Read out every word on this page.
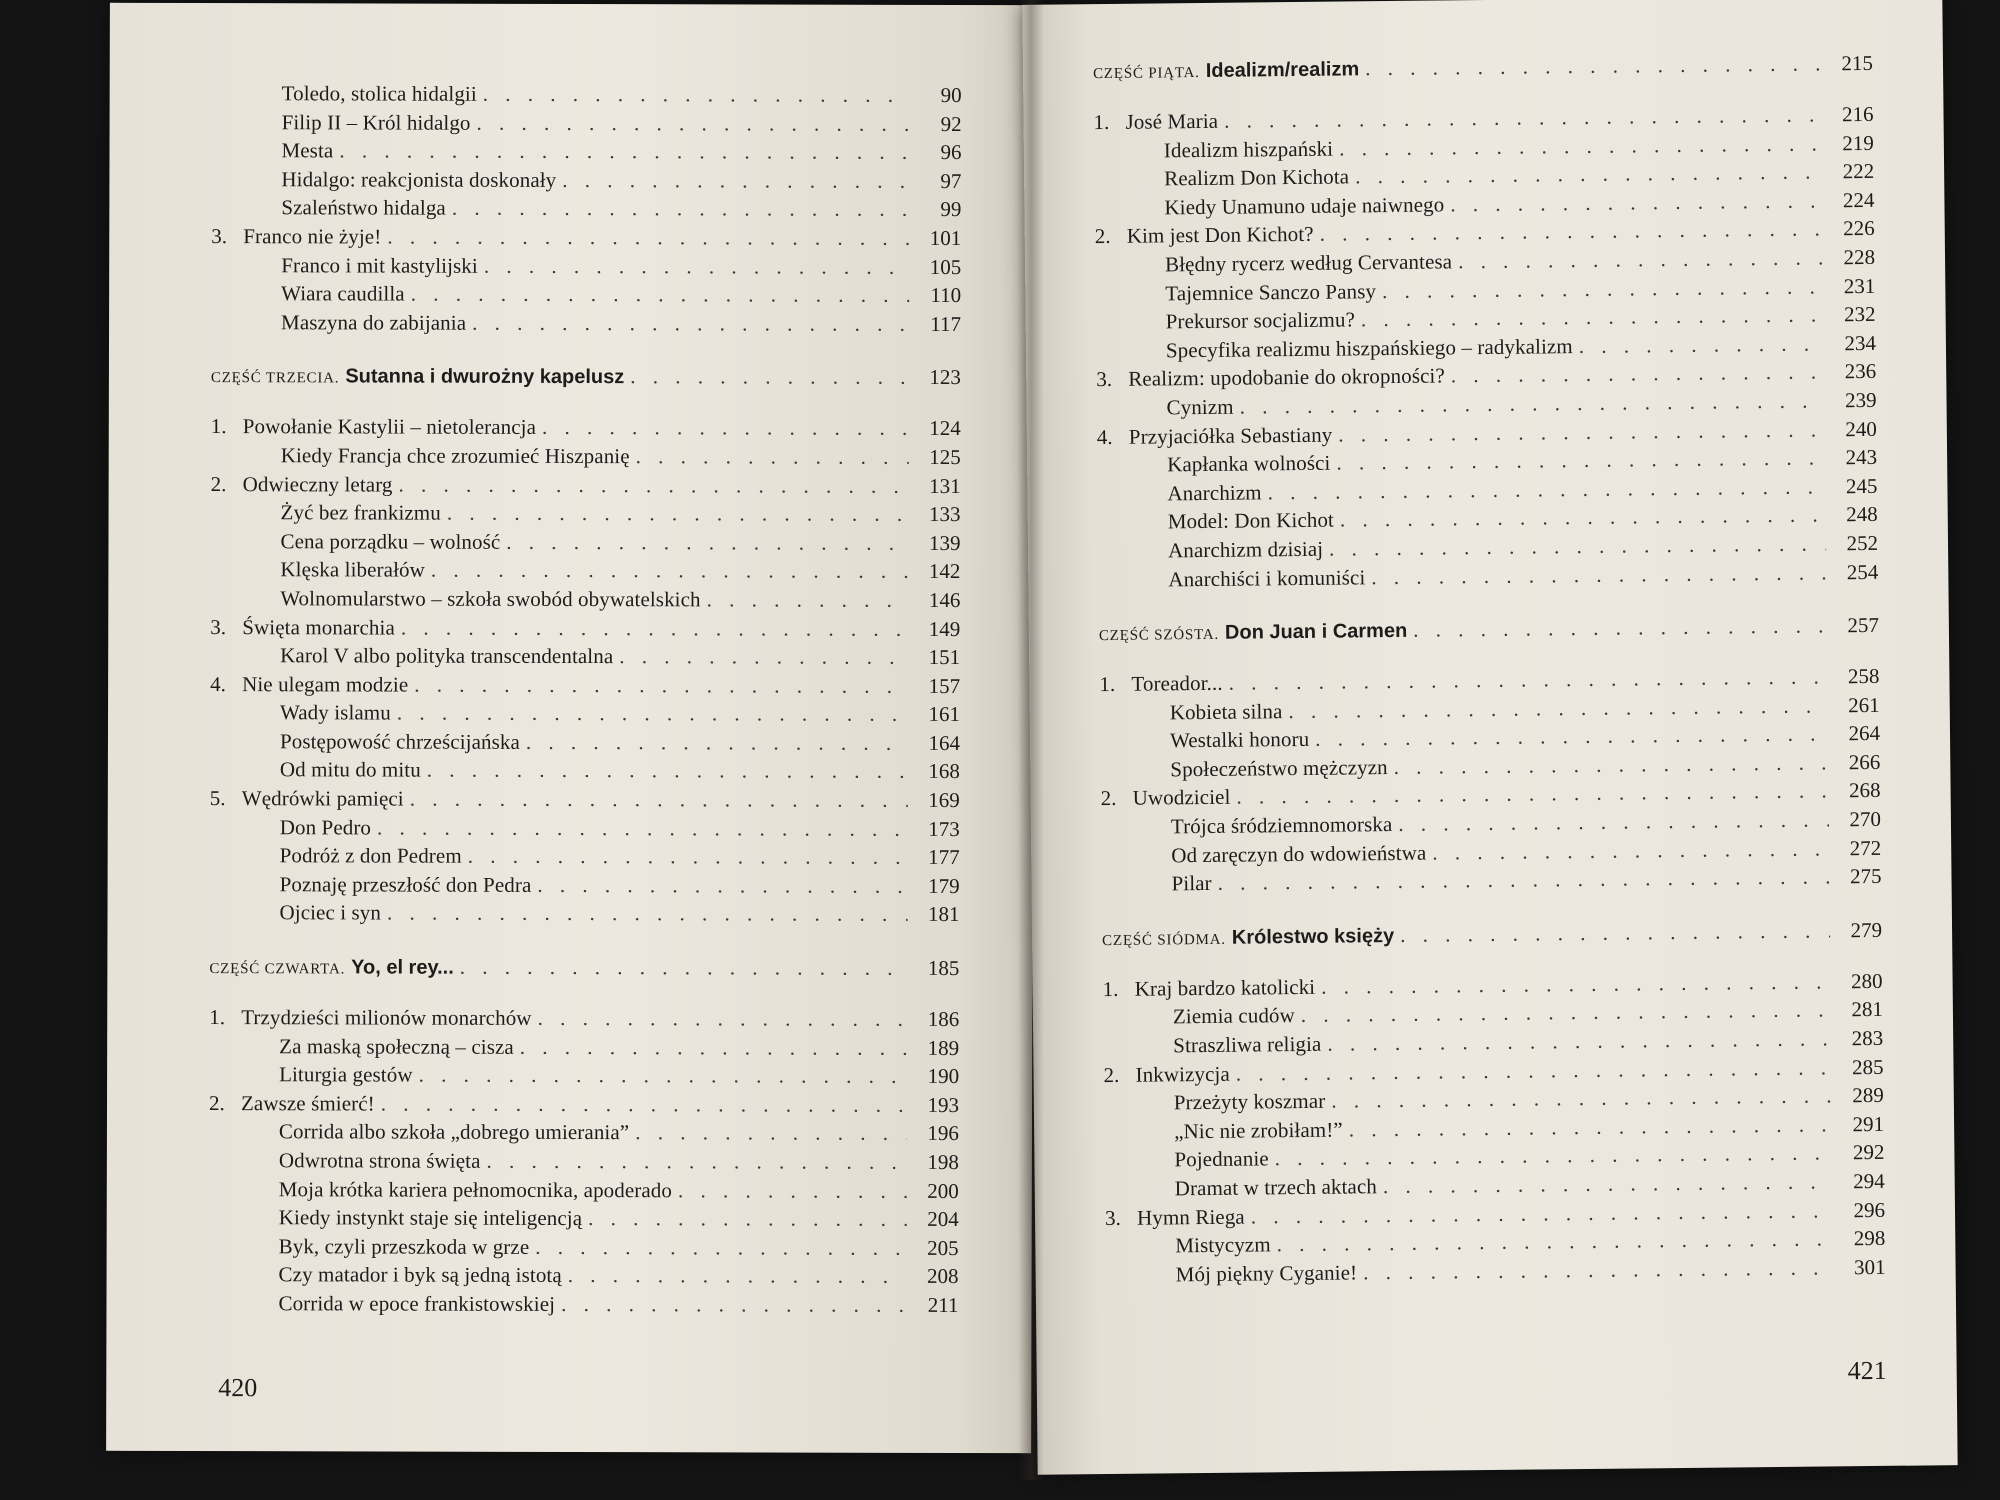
Toledo, stolica hidalgii . . .	90
Filip II – Król hidalgo . . .	92
Mesta . . .	96
Hidalgo: reakcjonista doskonały . . .	97
Szaleństwo hidalga . . .	99
3. Franco nie żyje! . . .	101
Franco i mit kastylijski . . .	105
Wiara caudilla . . .	110
Maszyna do zabijania . . .	117
CZĘŚĆ TRZECIA. Sutanna i dwurożny kapelusz . . .	123
1. Powołanie Kastylii – nietolerancja . . .	124
Kiedy Francja chce zrozumieć Hiszpanię . . .	125
2. Odwieczny letarg . . .	131
Żyć bez frankizmu . . .	133
Cena porządku – wolność . . .	139
Klęska liberałów . . .	142
Wolnomularstwo – szkoła swobód obywatelskich . . .	146
3. Święta monarchia . . .	149
Karol V albo polityka transcendentalna . . .	151
4. Nie ulegam modzie . . .	157
Wady islamu . . .	161
Postępowość chrześcijańska . . .	164
Od mitu do mitu . . .	168
5. Wędrówki pamięci . . .	169
Don Pedro . . .	173
Podróż z don Pedrem . . .	177
Poznaję przeszłość don Pedra . . .	179
Ojciec i syn . . .	181
CZĘŚĆ CZWARTA. Yo, el rey... . . .	185
1. Trzydzieści milionów monarchów . . .	186
Za maską społeczną – cisza . . .	189
Liturgia gestów . . .	190
2. Zawsze śmierć! . . .	193
Corrida albo szkoła „dobrego umierania” . . .	196
Odwrotna strona święta . . .	198
Moja krótka kariera pełnomocnika, apoderado . . .	200
Kiedy instynkt staje się inteligencją . . .	204
Byk, czyli przeszkoda w grze . . .	205
Czy matador i byk są jedną istotą . . .	208
Corrida w epoce frankistowskiej . . .	211
420
CZĘŚĆ PIĄTA. Idealizm/realizm . . .	215
1. José Maria . . .	216
Idealizm hiszpański . . .	219
Realizm Don Kichota . . .	222
Kiedy Unamuno udaje naiwnego . . .	224
2. Kim jest Don Kichot? . . .	226
Błędny rycerz według Cervantesa . . .	228
Tajemnice Sanczo Pansy . . .	231
Prekursor socjalizmu? . . .	232
Specyfika realizmu hiszpańskiego – radykalizm . . .	234
3. Realizm: upodobanie do okropności? . . .	236
Cynizm . . .	239
4. Przyjaciółka Sebastiany . . .	240
Kapłanka wolności . . .	243
Anarchizm . . .	245
Model: Don Kichot . . .	248
Anarchizm dzisiaj . . .	252
Anarchiści i komuniści . . .	254
CZĘŚĆ SZÓSTA. Don Juan i Carmen . . .	257
1. Toreador... . . .	258
Kobieta silna . . .	261
Westalki honoru . . .	264
Społeczeństwo mężczyzn . . .	266
2. Uwodziciel . . .	268
Trójca śródziemnomorska . . .	270
Od zaręczyn do wdowieństwa . . .	272
Pilar . . .	275
CZĘŚĆ SIÓDMA. Królestwo księży . . .	279
1. Kraj bardzo katolicki . . .	280
Ziemia cudów . . .	281
Straszliwa religia . . .	283
2. Inkwizycja . . .	285
Przeżyty koszmar . . .	289
„Nic nie zrobiłam!” . . .	291
Pojednanie . . .	292
Dramat w trzech aktach . . .	294
3. Hymn Riega . . .	296
Mistycyzm . . .	298
Mój piękny Cyganie! . . .	301
421
